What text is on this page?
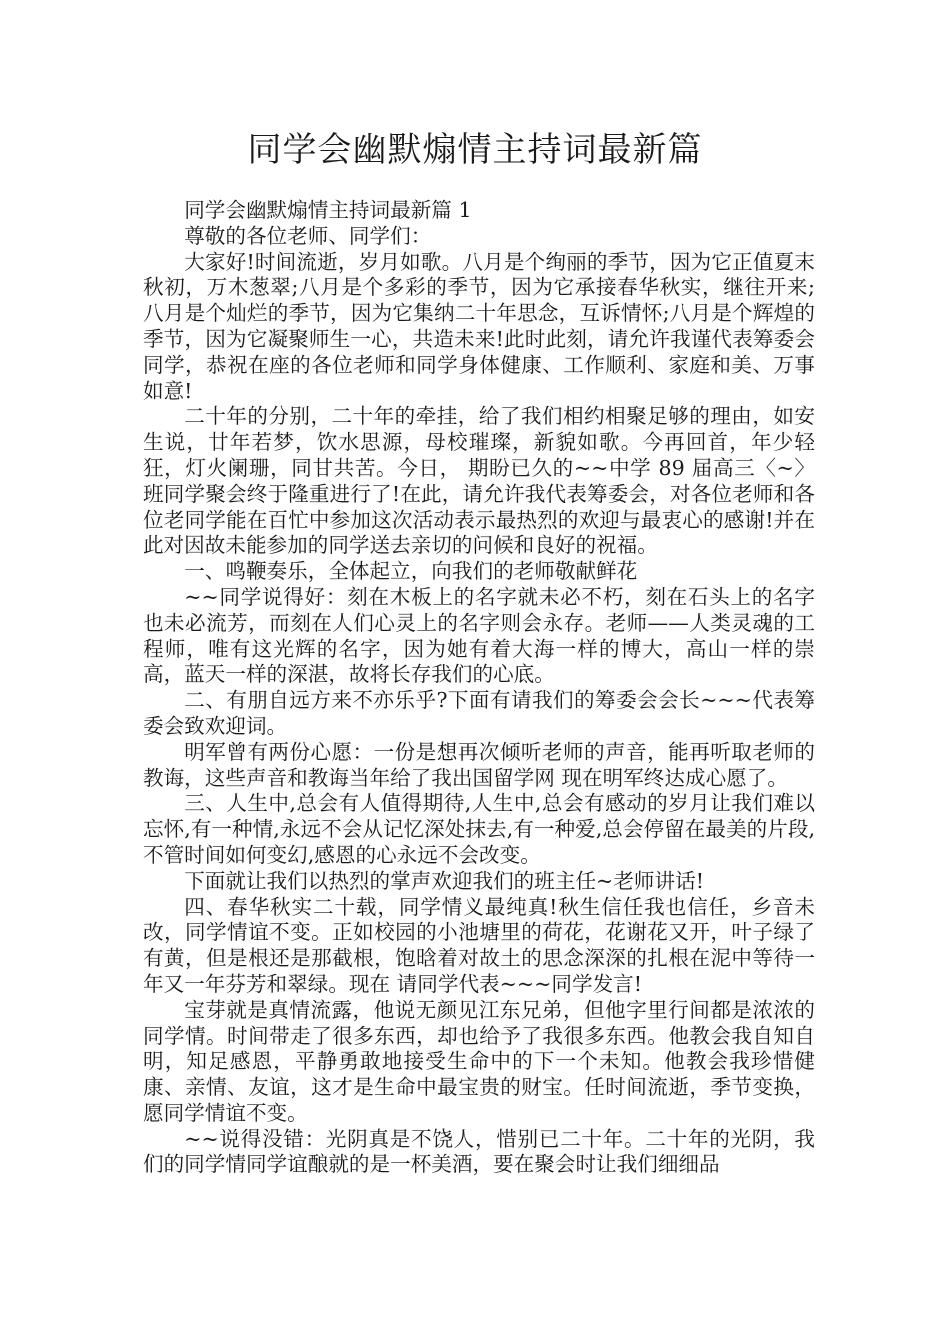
同学会幽默煽情主持词最新篇

同学会幽默煽情主持词最新篇 1

尊敬的各位老师、同学们：

大家好!时间流逝，岁月如歌。八月是个绚丽的季节，因为它正值夏末秋初，万木葱翠;八月是个多彩的季节，因为它承接春华秋实，继往开来;八月是个灿烂的季节，因为它集纳二十年思念，互诉情怀;八月是个辉煌的季节，因为它凝聚师生一心，共造未来!此时此刻，请允许我谨代表筹委会同学，恭祝在座的各位老师和同学身体健康、工作顺利、家庭和美、万事如意!

二十年的分别，二十年的牵挂，给了我们相约相聚足够的理由，如安生说，廿年若梦，饮水思源，母校璀璨，新貌如歌。今再回首，年少轻狂，灯火阑珊，同甘共苦。今日， 期盼已久的~~中学 89 届高三〈~〉班同学聚会终于隆重进行了!在此，请允许我代表筹委会，对各位老师和各位老同学能在百忙中参加这次活动表示最热烈的欢迎与最衷心的感谢!并在此对因故未能参加的同学送去亲切的问候和良好的祝福。

一、鸣鞭奏乐，全体起立，向我们的老师敬献鲜花

~~同学说得好：刻在木板上的名字就未必不朽，刻在石头上的名字也未必流芳，而刻在人们心灵上的名字则会永存。老师——人类灵魂的工程师，唯有这光辉的名字，因为她有着大海一样的博大，高山一样的崇高，蓝天一样的深湛，故将长存我们的心底。

二、有朋自远方来不亦乐乎?下面有请我们的筹委会会长~~~代表筹委会致欢迎词。

明军曾有两份心愿：一份是想再次倾听老师的声音，能再听取老师的教诲，这些声音和教诲当年给了我出国留学网 现在明军终达成心愿了。

三、人生中,总会有人值得期待,人生中,总会有感动的岁月让我们难以忘怀,有一种情,永远不会从记忆深处抹去,有一种爱,总会停留在最美的片段,不管时间如何变幻,感恩的心永远不会改变。

下面就让我们以热烈的掌声欢迎我们的班主任~老师讲话!

四、春华秋实二十载，同学情义最纯真!秋生信任我也信任，乡音未改，同学情谊不变。正如校园的小池塘里的荷花，花谢花又开，叶子绿了有黄，但是根还是那截根，饱晗着对故土的思念深深的扎根在泥中等待一年又一年芬芳和翠绿。现在 请同学代表~~~同学发言!

宝芽就是真情流露，他说无颜见江东兄弟，但他字里行间都是浓浓的同学情。时间带走了很多东西，却也给予了我很多东西。他教会我自知自明，知足感恩，平静勇敢地接受生命中的下一个未知。他教会我珍惜健康、亲情、友谊，这才是生命中最宝贵的财宝。任时间流逝，季节变换，愿同学情谊不变。

~~说得没错：光阴真是不饶人，惜别已二十年。二十年的光阴，我们的同学情同学谊酿就的是一杯美酒，要在聚会时让我们细细品
